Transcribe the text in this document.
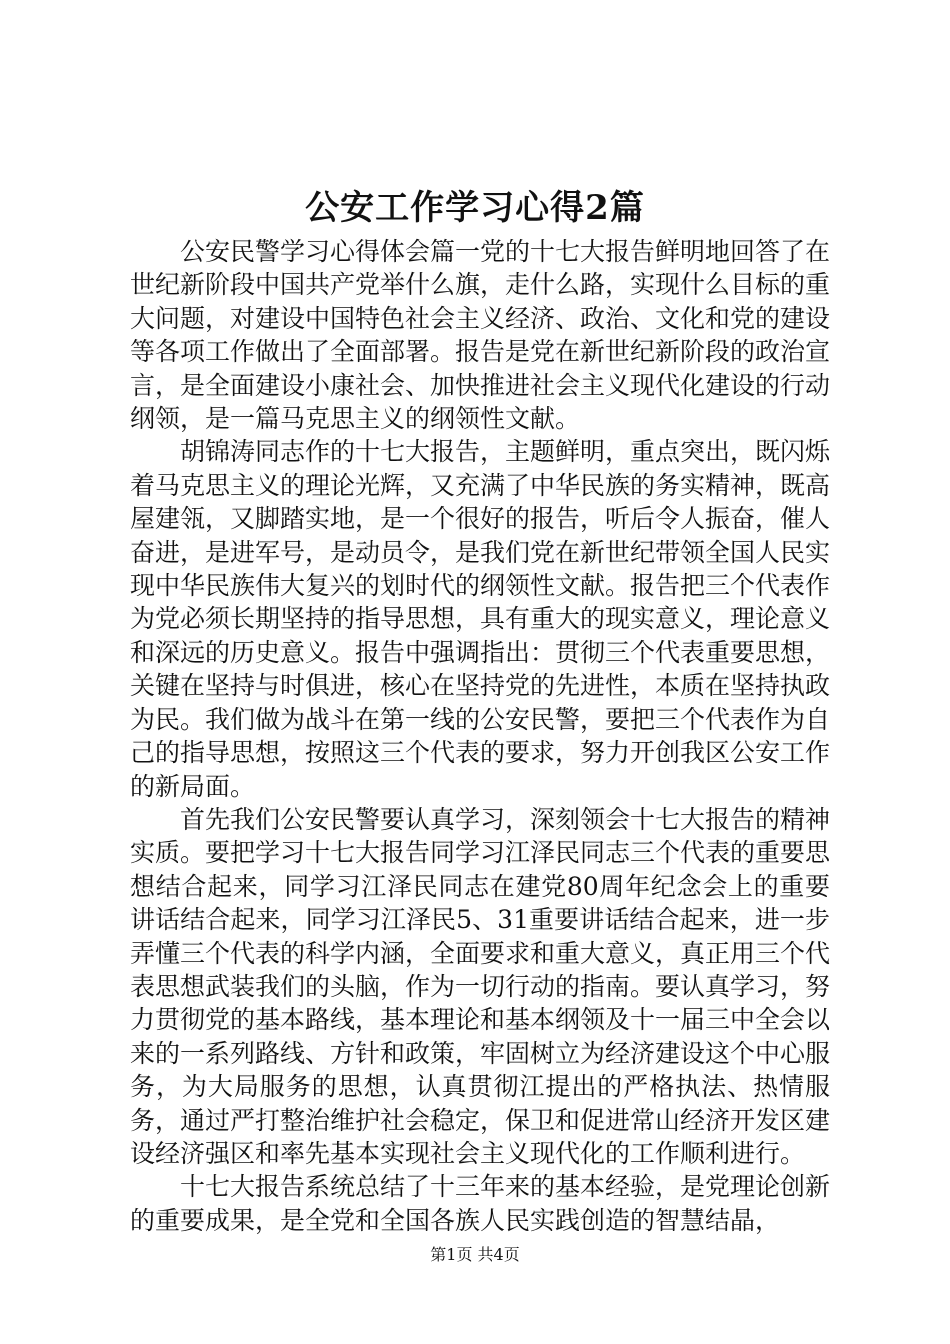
公安工作学习心得2篇

公安民警学习心得体会篇一党的十七大报告鲜明地回答了在世纪新阶段中国共产党举什么旗，走什么路，实现什么目标的重大问题，对建设中国特色社会主义经济、政治、文化和党的建设等各项工作做出了全面部署。报告是党在新世纪新阶段的政治宣言，是全面建设小康社会、加快推进社会主义现代化建设的行动纲领，是一篇马克思主义的纲领性文献。

胡锦涛同志作的十七大报告，主题鲜明，重点突出，既闪烁着马克思主义的理论光辉，又充满了中华民族的务实精神，既高屋建瓴，又脚踏实地，是一个很好的报告，听后令人振奋，催人奋进，是进军号，是动员令，是我们党在新世纪带领全国人民实现中华民族伟大复兴的划时代的纲领性文献。报告把三个代表作为党必须长期坚持的指导思想，具有重大的现实意义，理论意义和深远的历史意义。报告中强调指出：贯彻三个代表重要思想，关键在坚持与时俱进，核心在坚持党的先进性，本质在坚持执政为民。我们做为战斗在第一线的公安民警，要把三个代表作为自己的指导思想，按照这三个代表的要求，努力开创我区公安工作的新局面。

首先我们公安民警要认真学习，深刻领会十七大报告的精神实质。要把学习十七大报告同学习江泽民同志三个代表的重要思想结合起来，同学习江泽民同志在建党80周年纪念会上的重要讲话结合起来，同学习江泽民5、31重要讲话结合起来，进一步弄懂三个代表的科学内涵，全面要求和重大意义，真正用三个代表思想武装我们的头脑，作为一切行动的指南。要认真学习，努力贯彻党的基本路线，基本理论和基本纲领及十一届三中全会以来的一系列路线、方针和政策，牢固树立为经济建设这个中心服务，为大局服务的思想，认真贯彻江提出的严格执法、热情服务，通过严打整治维护社会稳定，保卫和促进常山经济开发区建设经济强区和率先基本实现社会主义现代化的工作顺利进行。

十七大报告系统总结了十三年来的基本经验，是党理论创新的重要成果，是全党和全国各族人民实践创造的智慧结晶，

第1页 共4页
